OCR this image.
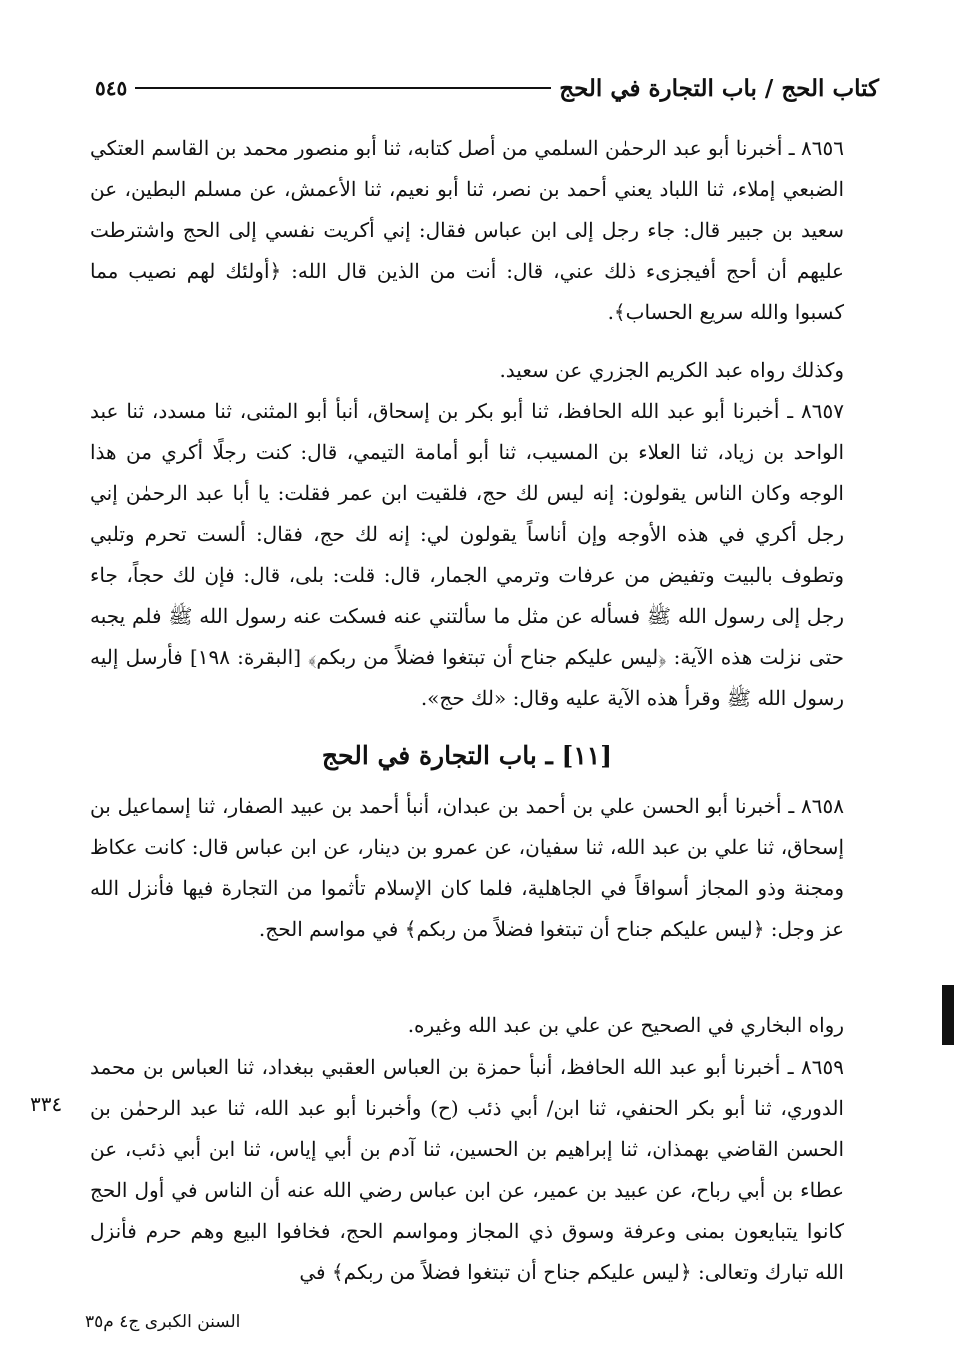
كتاب الحج / باب التجارة في الحج
٥٤٥
٨٦٥٦ ـ أخبرنا أبو عبد الرحمٰن السلمي من أصل كتابه، ثنا أبو منصور محمد بن القاسم العتكي الضبعي إملاء، ثنا اللباد يعني أحمد بن نصر، ثنا أبو نعيم، ثنا الأعمش، عن مسلم البطين، عن سعيد بن جبير قال: جاء رجل إلى ابن عباس فقال: إني أكريت نفسي إلى الحج واشترطت عليهم أن أحج أفيجزىء ذلك عني، قال: أنت من الذين قال الله: ﴿أولئك لهم نصيب مما كسبوا والله سريع الحساب﴾.
وكذلك رواه عبد الكريم الجزري عن سعيد.
٨٦٥٧ ـ أخبرنا أبو عبد الله الحافظ، ثنا أبو بكر بن إسحاق، أنبأ أبو المثنى، ثنا مسدد، ثنا عبد الواحد بن زياد، ثنا العلاء بن المسيب، ثنا أبو أمامة التيمي، قال: كنت رجلًا أكري من هذا الوجه وكان الناس يقولون: إنه ليس لك حج، فلقيت ابن عمر فقلت: يا أبا عبد الرحمٰن إني رجل أكري في هذه الأوجه وإن أناساً يقولون لي: إنه لك حج، فقال: ألست تحرم وتلبي وتطوف بالبيت وتفيض من عرفات وترمي الجمار، قال: قلت: بلى، قال: فإن لك حجاً، جاء رجل إلى رسول الله ﷺ فسأله عن مثل ما سألتني عنه فسكت عنه رسول الله ﷺ فلم يجبه حتى نزلت هذه الآية: ﴿ليس عليكم جناح أن تبتغوا فضلاً من ربكم﴾ [البقرة: ١٩٨] فأرسل إليه رسول الله ﷺ وقرأ هذه الآية عليه وقال: «لك حج».
[١١] ـ باب التجارة في الحج
٨٦٥٨ ـ أخبرنا أبو الحسن علي بن أحمد بن عبدان، أنبأ أحمد بن عبيد الصفار، ثنا إسماعيل بن إسحاق، ثنا علي بن عبد الله، ثنا سفيان، عن عمرو بن دينار، عن ابن عباس قال: كانت عكاظ ومجنة وذو المجاز أسواقاً في الجاهلية، فلما كان الإسلام تأثموا من التجارة فيها فأنزل الله عز وجل: ﴿ليس عليكم جناح أن تبتغوا فضلاً من ربكم﴾ في مواسم الحج.
رواه البخاري في الصحيح عن علي بن عبد الله وغيره.
٨٦٥٩ ـ أخبرنا أبو عبد الله الحافظ، أنبأ حمزة بن العباس العقبي ببغداد، ثنا العباس بن محمد الدوري، ثنا أبو بكر الحنفي، ثنا ابن/ أبي ذئب (ح) وأخبرنا أبو عبد الله، ثنا عبد الرحمٰن بن الحسن القاضي بهمذان، ثنا إبراهيم بن الحسين، ثنا آدم بن أبي إياس، ثنا ابن أبي ذئب، عن عطاء بن أبي رباح، عن عبيد بن عمير، عن ابن عباس رضي الله عنه أن الناس في أول الحج كانوا يتبايعون بمنى وعرفة وسوق ذي المجاز ومواسم الحج، فخافوا البيع وهم حرم فأنزل الله تبارك وتعالى: ﴿ليس عليكم جناح أن تبتغوا فضلاً من ربكم﴾ في
٣٣٤
السنن الكبرى ج٤ م٣٥
